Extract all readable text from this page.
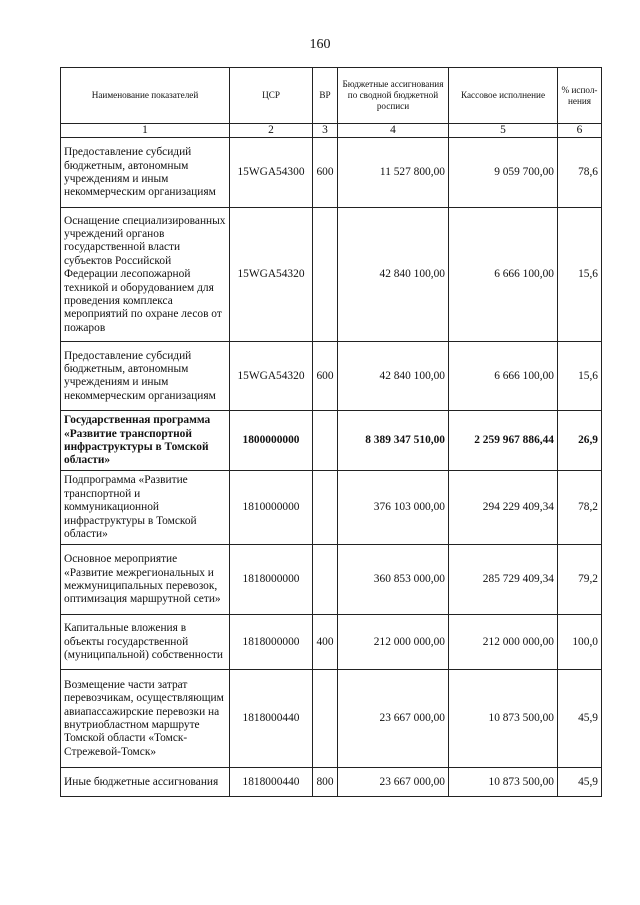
160
Наименование показателей	ЦСР	ВР	Бюджетные ассигнования по сводной бюджетной росписи	Кассовое исполнение	% испол-нения
1	2	3	4	5	6
Предоставление субсидий бюджетным, автономным учреждениям и иным некоммерческим организациям	15WGA54300	600	11 527 800,00	9 059 700,00	78,6
Оснащение специализированных учреждений органов государственной власти субъектов Российской Федерации лесопожарной техникой и оборудованием для проведения комплекса мероприятий по охране лесов от пожаров	15WGA54320		42 840 100,00	6 666 100,00	15,6
Предоставление субсидий бюджетным, автономным учреждениям и иным некоммерческим организациям	15WGA54320	600	42 840 100,00	6 666 100,00	15,6
Государственная программа «Развитие транспортной инфраструктуры в Томской области»	1800000000		8 389 347 510,00	2 259 967 886,44	26,9
Подпрограмма «Развитие транспортной и коммуникационной инфраструктуры в Томской области»	1810000000		376 103 000,00	294 229 409,34	78,2
Основное мероприятие «Развитие межрегиональных и межмуниципальных перевозок, оптимизация маршрутной сети»	1818000000		360 853 000,00	285 729 409,34	79,2
Капитальные вложения в объекты государственной (муниципальной) собственности	1818000000	400	212 000 000,00	212 000 000,00	100,0
Возмещение части затрат перевозчикам, осуществляющим авиапассажирские перевозки на внутриобластном маршруте Томской области «Томск-Стрежевой-Томск»	1818000440		23 667 000,00	10 873 500,00	45,9
Иные бюджетные ассигнования	1818000440	800	23 667 000,00	10 873 500,00	45,9
